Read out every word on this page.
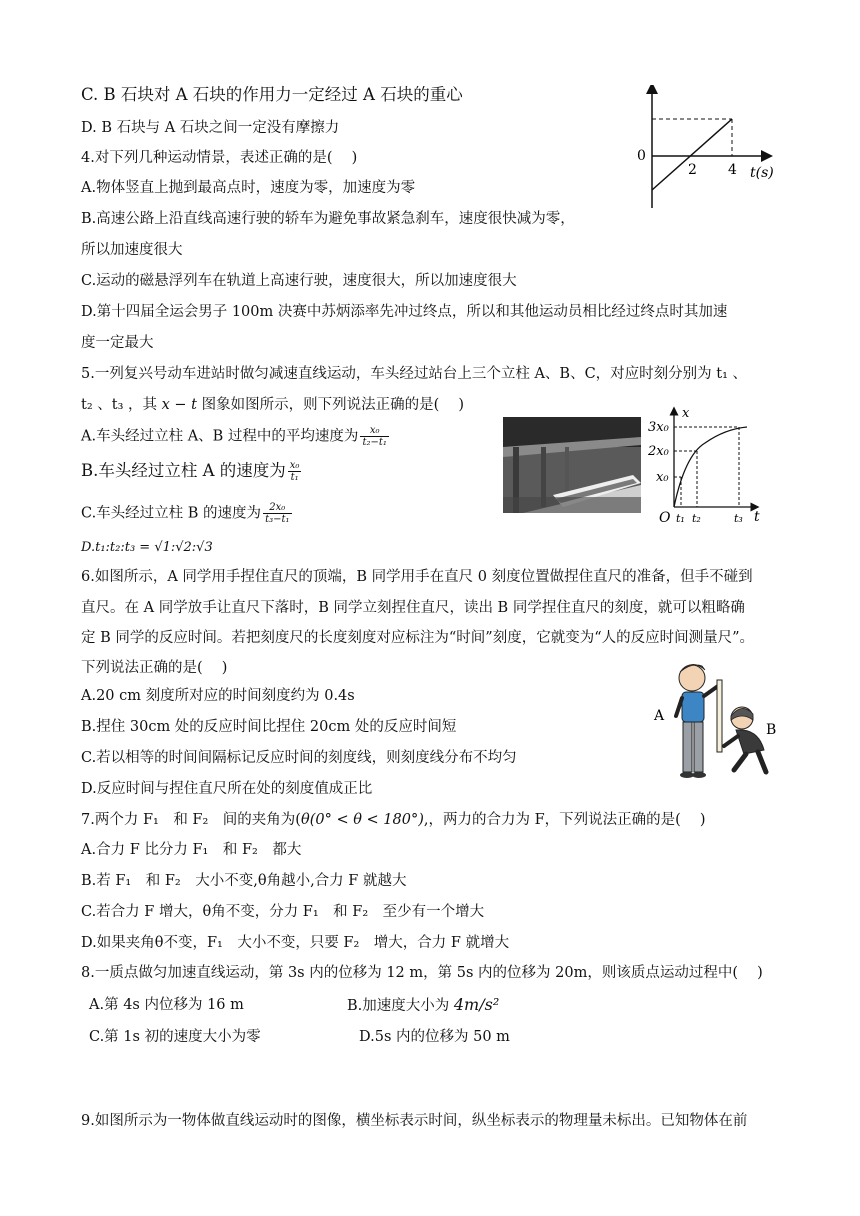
C. B 石块对 A 石块的作用力一定经过 A 石块的重心
D. B 石块与 A 石块之间一定没有摩擦力
4.对下列几种运动情景，表述正确的是(　 )
A.物体竖直上抛到最高点时，速度为零，加速度为零
B.高速公路上沿直线高速行驶的轿车为避免事故紧急刹车，速度很快减为零，
所以加速度很大
C.运动的磁悬浮列车在轨道上高速行驶，速度很大，所以加速度很大
D.第十四届全运会男子 100m 决赛中苏炳添率先冲过终点，所以和其他运动员相比经过终点时其加速
度一定最大
5.一列复兴号动车进站时做匀减速直线运动，车头经过站台上三个立柱 A、B、C，对应时刻分别为 t₁ 、
t₂ 、t₃ ，其 x − t 图象如图所示，则下列说法正确的是(　 )
A.车头经过立柱 A、B 过程中的平均速度为 $\frac{\text{x₀}}{\text{t₂−t₁}}$
B.车头经过立柱 A 的速度为 $\frac{\text{x₀}}{\text{t₁}}$
C.车头经过立柱 B 的速度为 $\frac{\text{2x₀}}{\text{t₃−t₁}}$
D.t₁:t₂:t₃ = √1:√2:√3
6.如图所示，A 同学用手捏住直尺的顶端，B 同学用手在直尺 0 刻度位置做捏住直尺的准备，但手不碰到
直尺。在 A 同学放手让直尺下落时，B 同学立刻捏住直尺，读出 B 同学捏住直尺的刻度，就可以粗略确
定 B 同学的反应时间。若把刻度尺的长度刻度对应标注为“时间”刻度，它就变为“人的反应时间测量尺”。
下列说法正确的是(　 )
A.20 cm 刻度所对应的时间刻度约为 0.4s
B.捏住 30cm 处的反应时间比捏住 20cm 处的反应时间短
C.若以相等的时间间隔标记反应时间的刻度线，则刻度线分布不均匀
D.反应时间与捏住直尺所在处的刻度值成正比
7.两个力 F₁　和 F₂　间的夹角为(θ(0° < θ < 180°),，两力的合力为 F，下列说法正确的是(　 )
A.合力 F 比分力 F₁　和 F₂　都大
B.若 F₁　和 F₂　大小不变,θ角越小,合力 F 就越大
C.若合力 F 增大，θ角不变，分力 F₁　和 F₂　至少有一个增大
D.如果夹角θ不变，F₁　大小不变，只要 F₂　增大，合力 F 就增大
8.一质点做匀加速直线运动，第 3s 内的位移为 12 m，第 5s 内的位移为 20m，则该质点运动过程中(　 )
A.第 4s 内位移为 16 m	B.加速度大小为 4m/s²
C.第 1s 初的速度大小为零	D.5s 内的位移为 50 m
9.如图所示为一物体做直线运动时的图像，横坐标表示时间，纵坐标表示的物理量未标出。已知物体在前
0
2 4 t(s)
x
3x₀
2x₀
x₀
O t₁ t₂	t₃ t
A
B
